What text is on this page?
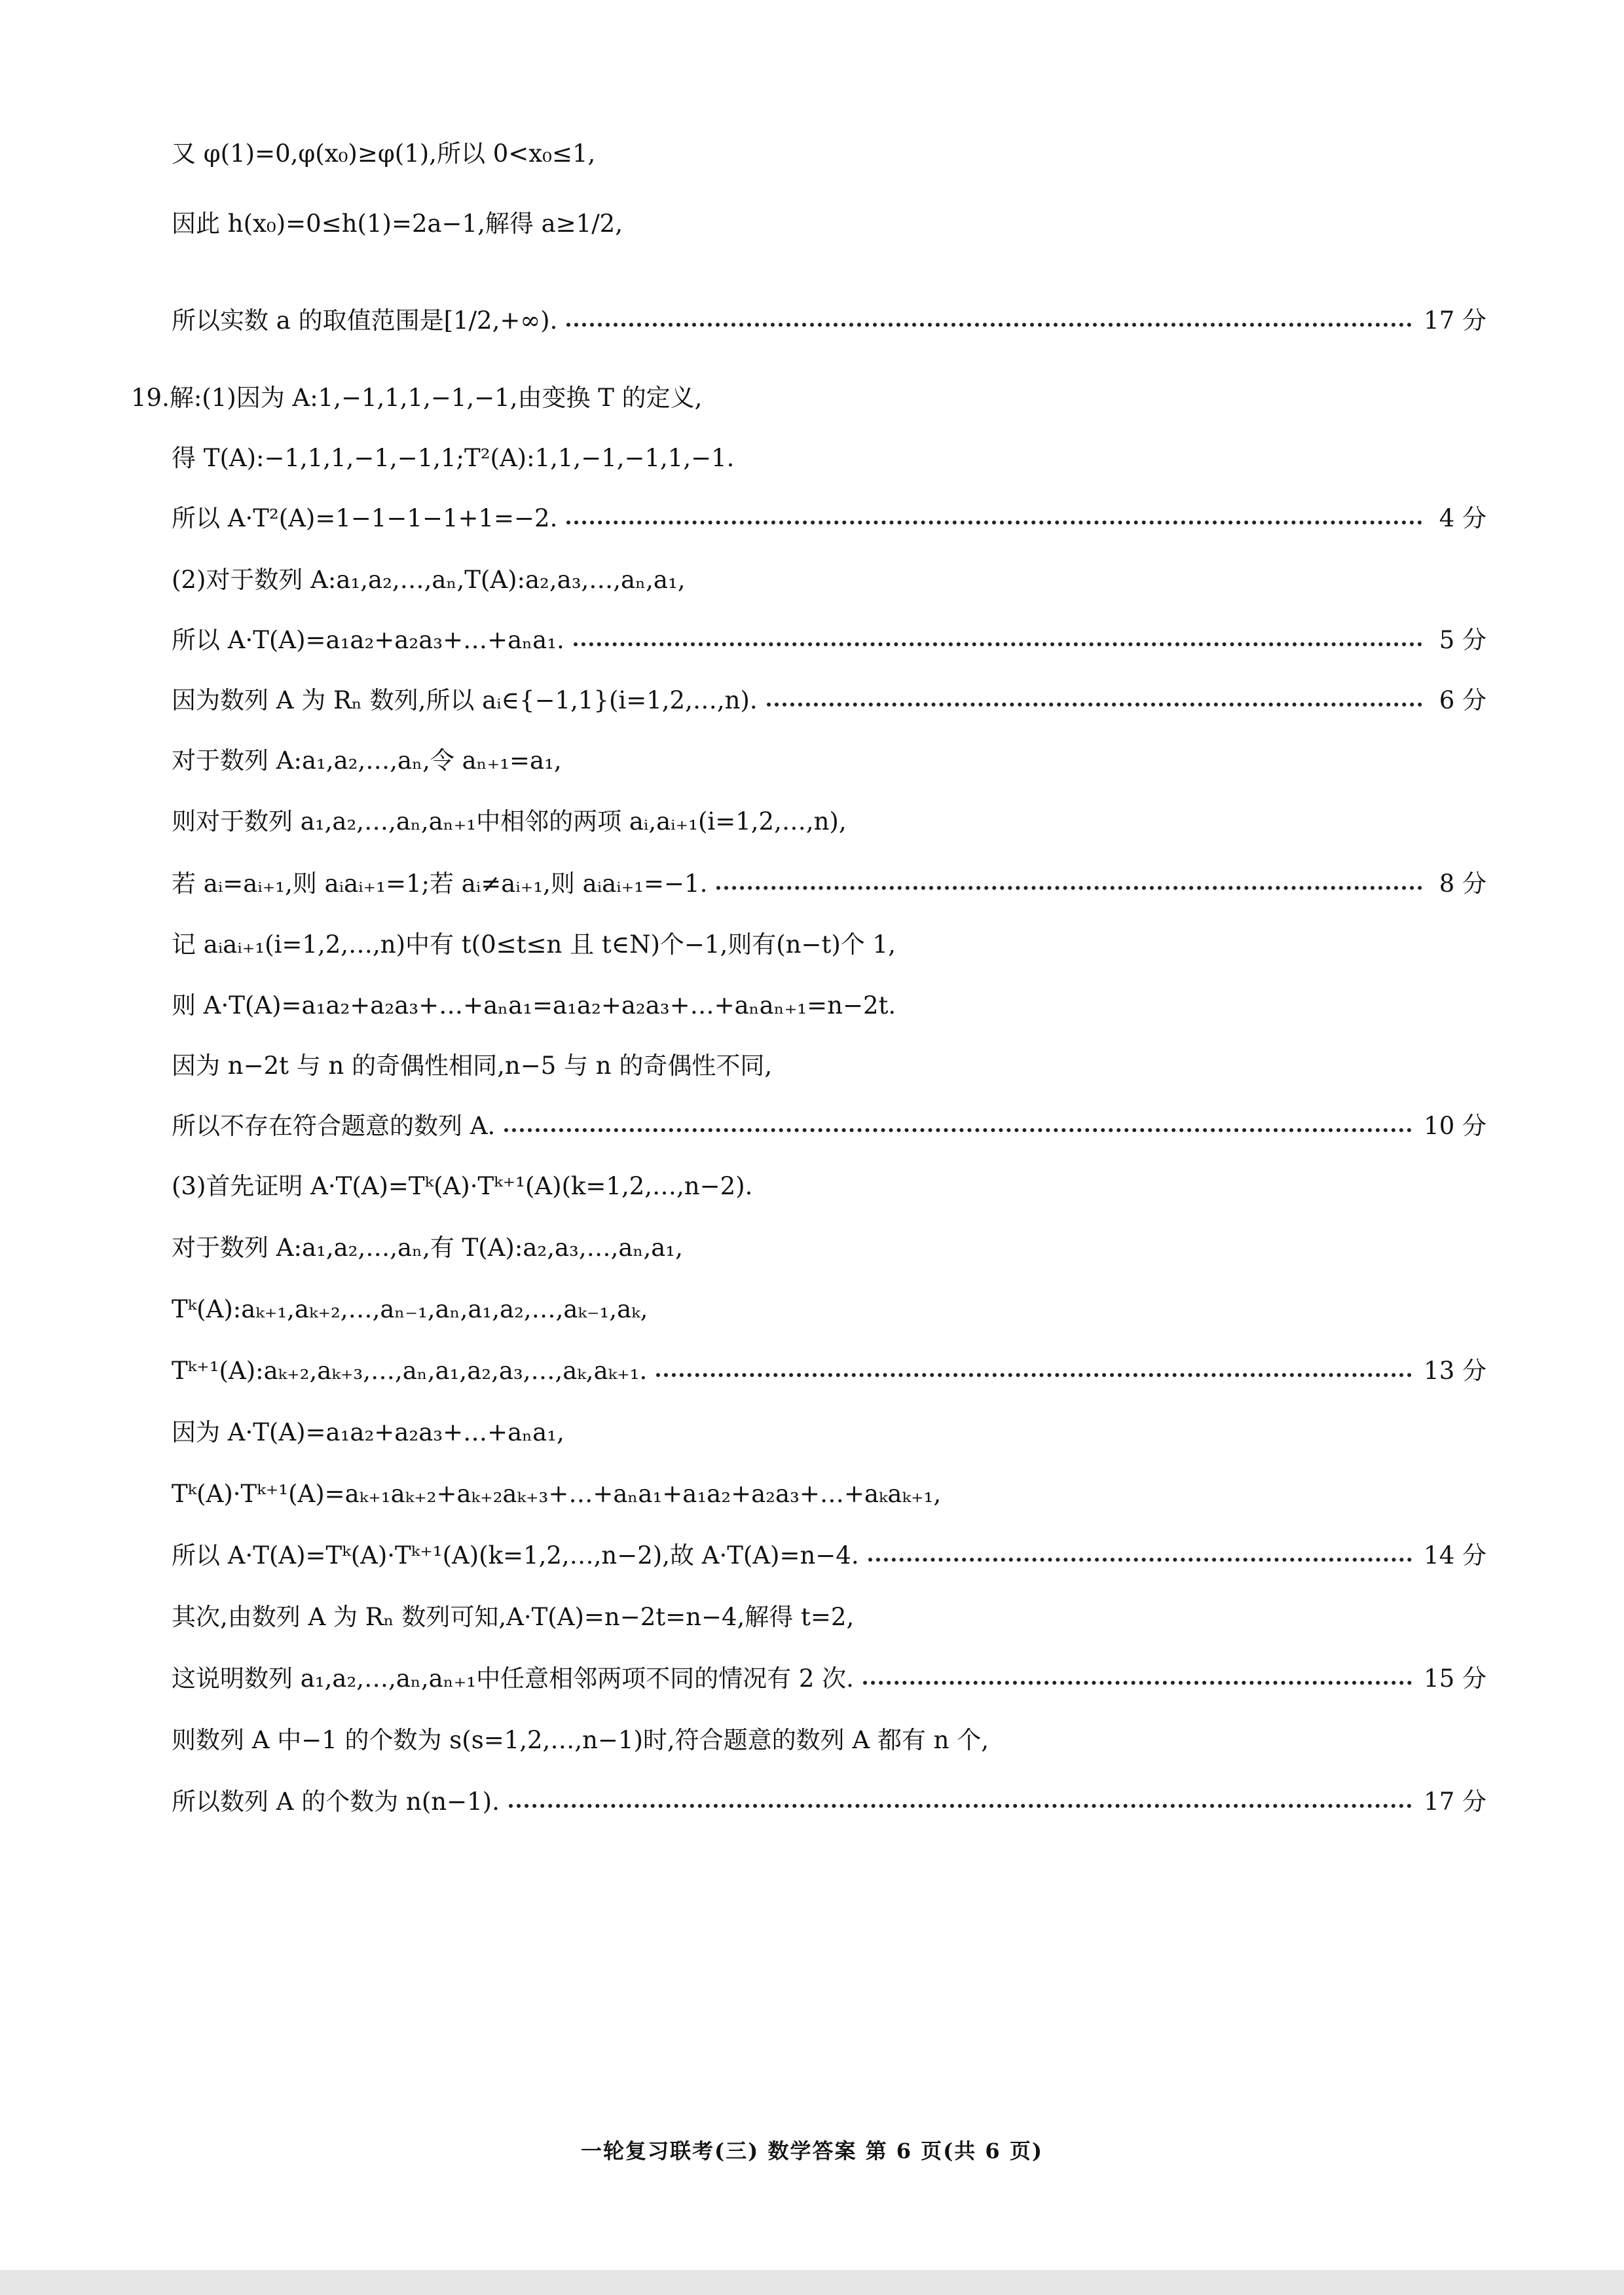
又 φ(1)=0,φ(x₀)≥φ(1),所以 0<x₀≤1,
因此 h(x₀)=0≤h(1)=2a−1,解得 a≥1/2,
所以实数 a 的取值范围是[1/2,+∞).	17 分
19.解:(1)因为 A:1,−1,1,1,−1,−1,由变换 T 的定义,
得 T(A):−1,1,1,−1,−1,1;T²(A):1,1,−1,−1,1,−1.
所以 A·T²(A)=1−1−1−1+1=−2.	4 分
(2)对于数列 A:a₁,a₂,…,aₙ,T(A):a₂,a₃,…,aₙ,a₁,
所以 A·T(A)=a₁a₂+a₂a₃+…+aₙa₁.	5 分
因为数列 A 为 Rₙ 数列,所以 aᵢ∈{−1,1}(i=1,2,…,n).	6 分
对于数列 A:a₁,a₂,…,aₙ,令 aₙ₊₁=a₁,
则对于数列 a₁,a₂,…,aₙ,aₙ₊₁中相邻的两项 aᵢ,aᵢ₊₁(i=1,2,…,n),
若 aᵢ=aᵢ₊₁,则 aᵢaᵢ₊₁=1;若 aᵢ≠aᵢ₊₁,则 aᵢaᵢ₊₁=−1.	8 分
记 aᵢaᵢ₊₁(i=1,2,…,n)中有 t(0≤t≤n 且 t∈N)个−1,则有(n−t)个 1,
则 A·T(A)=a₁a₂+a₂a₃+…+aₙa₁=a₁a₂+a₂a₃+…+aₙaₙ₊₁=n−2t.
因为 n−2t 与 n 的奇偶性相同,n−5 与 n 的奇偶性不同,
所以不存在符合题意的数列 A.	10 分
(3)首先证明 A·T(A)=Tᵏ(A)·Tᵏ⁺¹(A)(k=1,2,…,n−2).
对于数列 A:a₁,a₂,…,aₙ,有 T(A):a₂,a₃,…,aₙ,a₁,
Tᵏ(A):aₖ₊₁,aₖ₊₂,…,aₙ₋₁,aₙ,a₁,a₂,…,aₖ₋₁,aₖ,
Tᵏ⁺¹(A):aₖ₊₂,aₖ₊₃,…,aₙ,a₁,a₂,a₃,…,aₖ,aₖ₊₁.	13 分
因为 A·T(A)=a₁a₂+a₂a₃+…+aₙa₁,
Tᵏ(A)·Tᵏ⁺¹(A)=aₖ₊₁aₖ₊₂+aₖ₊₂aₖ₊₃+…+aₙa₁+a₁a₂+a₂a₃+…+aₖaₖ₊₁,
所以 A·T(A)=Tᵏ(A)·Tᵏ⁺¹(A)(k=1,2,…,n−2),故 A·T(A)=n−4.	14 分
其次,由数列 A 为 Rₙ 数列可知,A·T(A)=n−2t=n−4,解得 t=2,
这说明数列 a₁,a₂,…,aₙ,aₙ₊₁中任意相邻两项不同的情况有 2 次.	15 分
则数列 A 中−1 的个数为 s(s=1,2,…,n−1)时,符合题意的数列 A 都有 n 个,
所以数列 A 的个数为 n(n−1).	17 分
一轮复习联考(三) 数学答案 第 6 页(共 6 页)
